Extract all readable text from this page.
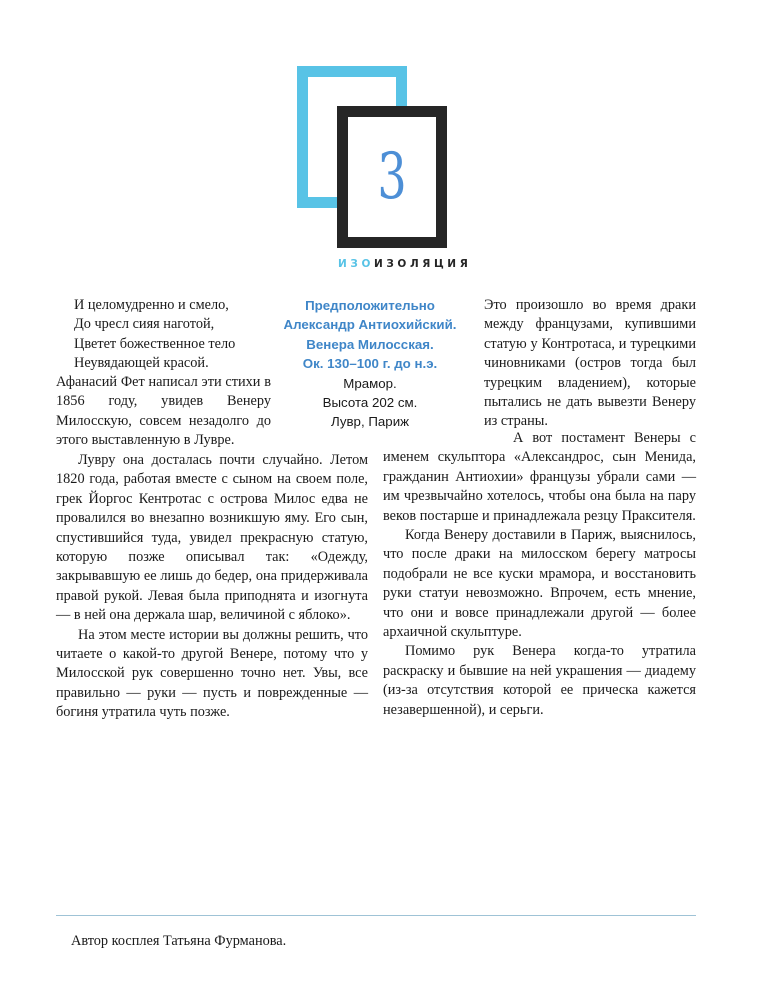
3
ИЗОИЗОЛЯЦИЯ
И целомудренно и смело,
До чресл сияя наготой,
Цветет божественное тело
Неувядающей красой.
Предположительно
Александр Антиохийский.
Венера Милосская.
Ок. 130–100 г. до н.э.
Мрамор.
Высота 202 см.
Лувр, Париж

Афанасий Фет написал эти стихи в 1856 году, увидев Венеру Милосскую, совсем незадолго до этого выставленную в Лувре.

Лувру она досталась почти случайно. Летом 1820 года, работая вместе с сыном на своем поле, грек Йоргос Кентротас с острова Милос едва не провалился во внезапно возникшую яму. Его сын, спустившийся туда, увидел прекрасную статую, которую позже описывал так: «Одежду, закрывавшую ее лишь до бедер, она придерживала правой рукой. Левая была приподнята и изогнута — в ней она держала шар, величиной с яблоко».

На этом месте истории вы должны решить, что читаете о какой-то другой Венере, потому что у Милосской рук совершенно точно нет. Увы, все правильно — руки — пусть и поврежденные — богиня утратила чуть позже.

Это произошло во время драки между французами, купившими статую у Контротаса, и турецкими чиновниками (остров тогда был турецким владением), которые пытались не дать вывезти Венеру из страны.

А вот постамент Венеры с именем скульптора «Александрос, сын Менида, гражданин Антиохии» французы убрали сами — им чрезвычайно хотелось, чтобы она была на пару веков постарше и принадлежала резцу Праксителя.

Когда Венеру доставили в Париж, выяснилось, что после драки на милосском берегу матросы подобрали не все куски мрамора, и восстановить руки статуи невозможно. Впрочем, есть мнение, что они и вовсе принадлежали другой — более архаичной скульптуре.

Помимо рук Венера когда-то утратила раскраску и бывшие на ней украшения — диадему (из-за отсутствия которой ее прическа кажется незавершенной), и серьги.

Автор косплея Татьяна Фурманова.
